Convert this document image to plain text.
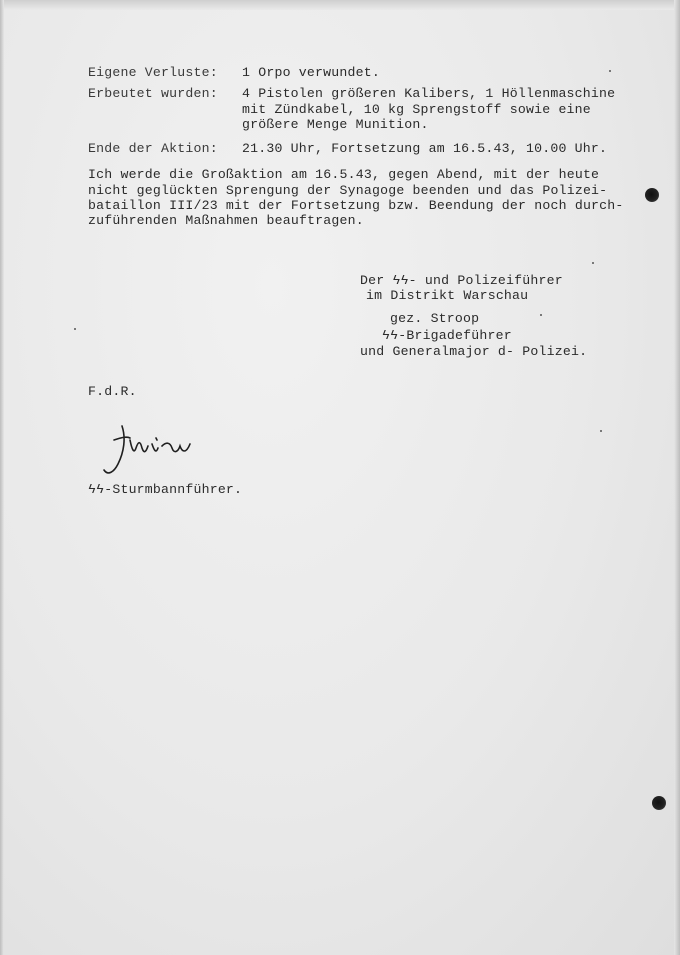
Eigene Verluste: 1 Orpo verwundet.
Erbeutet wurden: 4 Pistolen größeren Kalibers, 1 Höllenmaschine
mit Zündkabel, 10 kg Sprengstoff sowie eine
größere Menge Munition.
Ende der Aktion: 21.30 Uhr, Fortsetzung am 16.5.43, 10.00 Uhr.
Ich werde die Großaktion am 16.5.43, gegen Abend, mit der heute
nicht geglückten Sprengung der Synagoge beenden und das Polizei-
bataillon III/23 mit der Fortsetzung bzw. Beendung der noch durch-
zuführenden Maßnahmen beauftragen.
Der ϟϟ- und Polizeiführer
im Distrikt Warschau
gez. Stroop
ϟϟ-Brigadeführer
und Generalmajor d- Polizei.
F.d.R.
ϟϟ-Sturmbannführer.
